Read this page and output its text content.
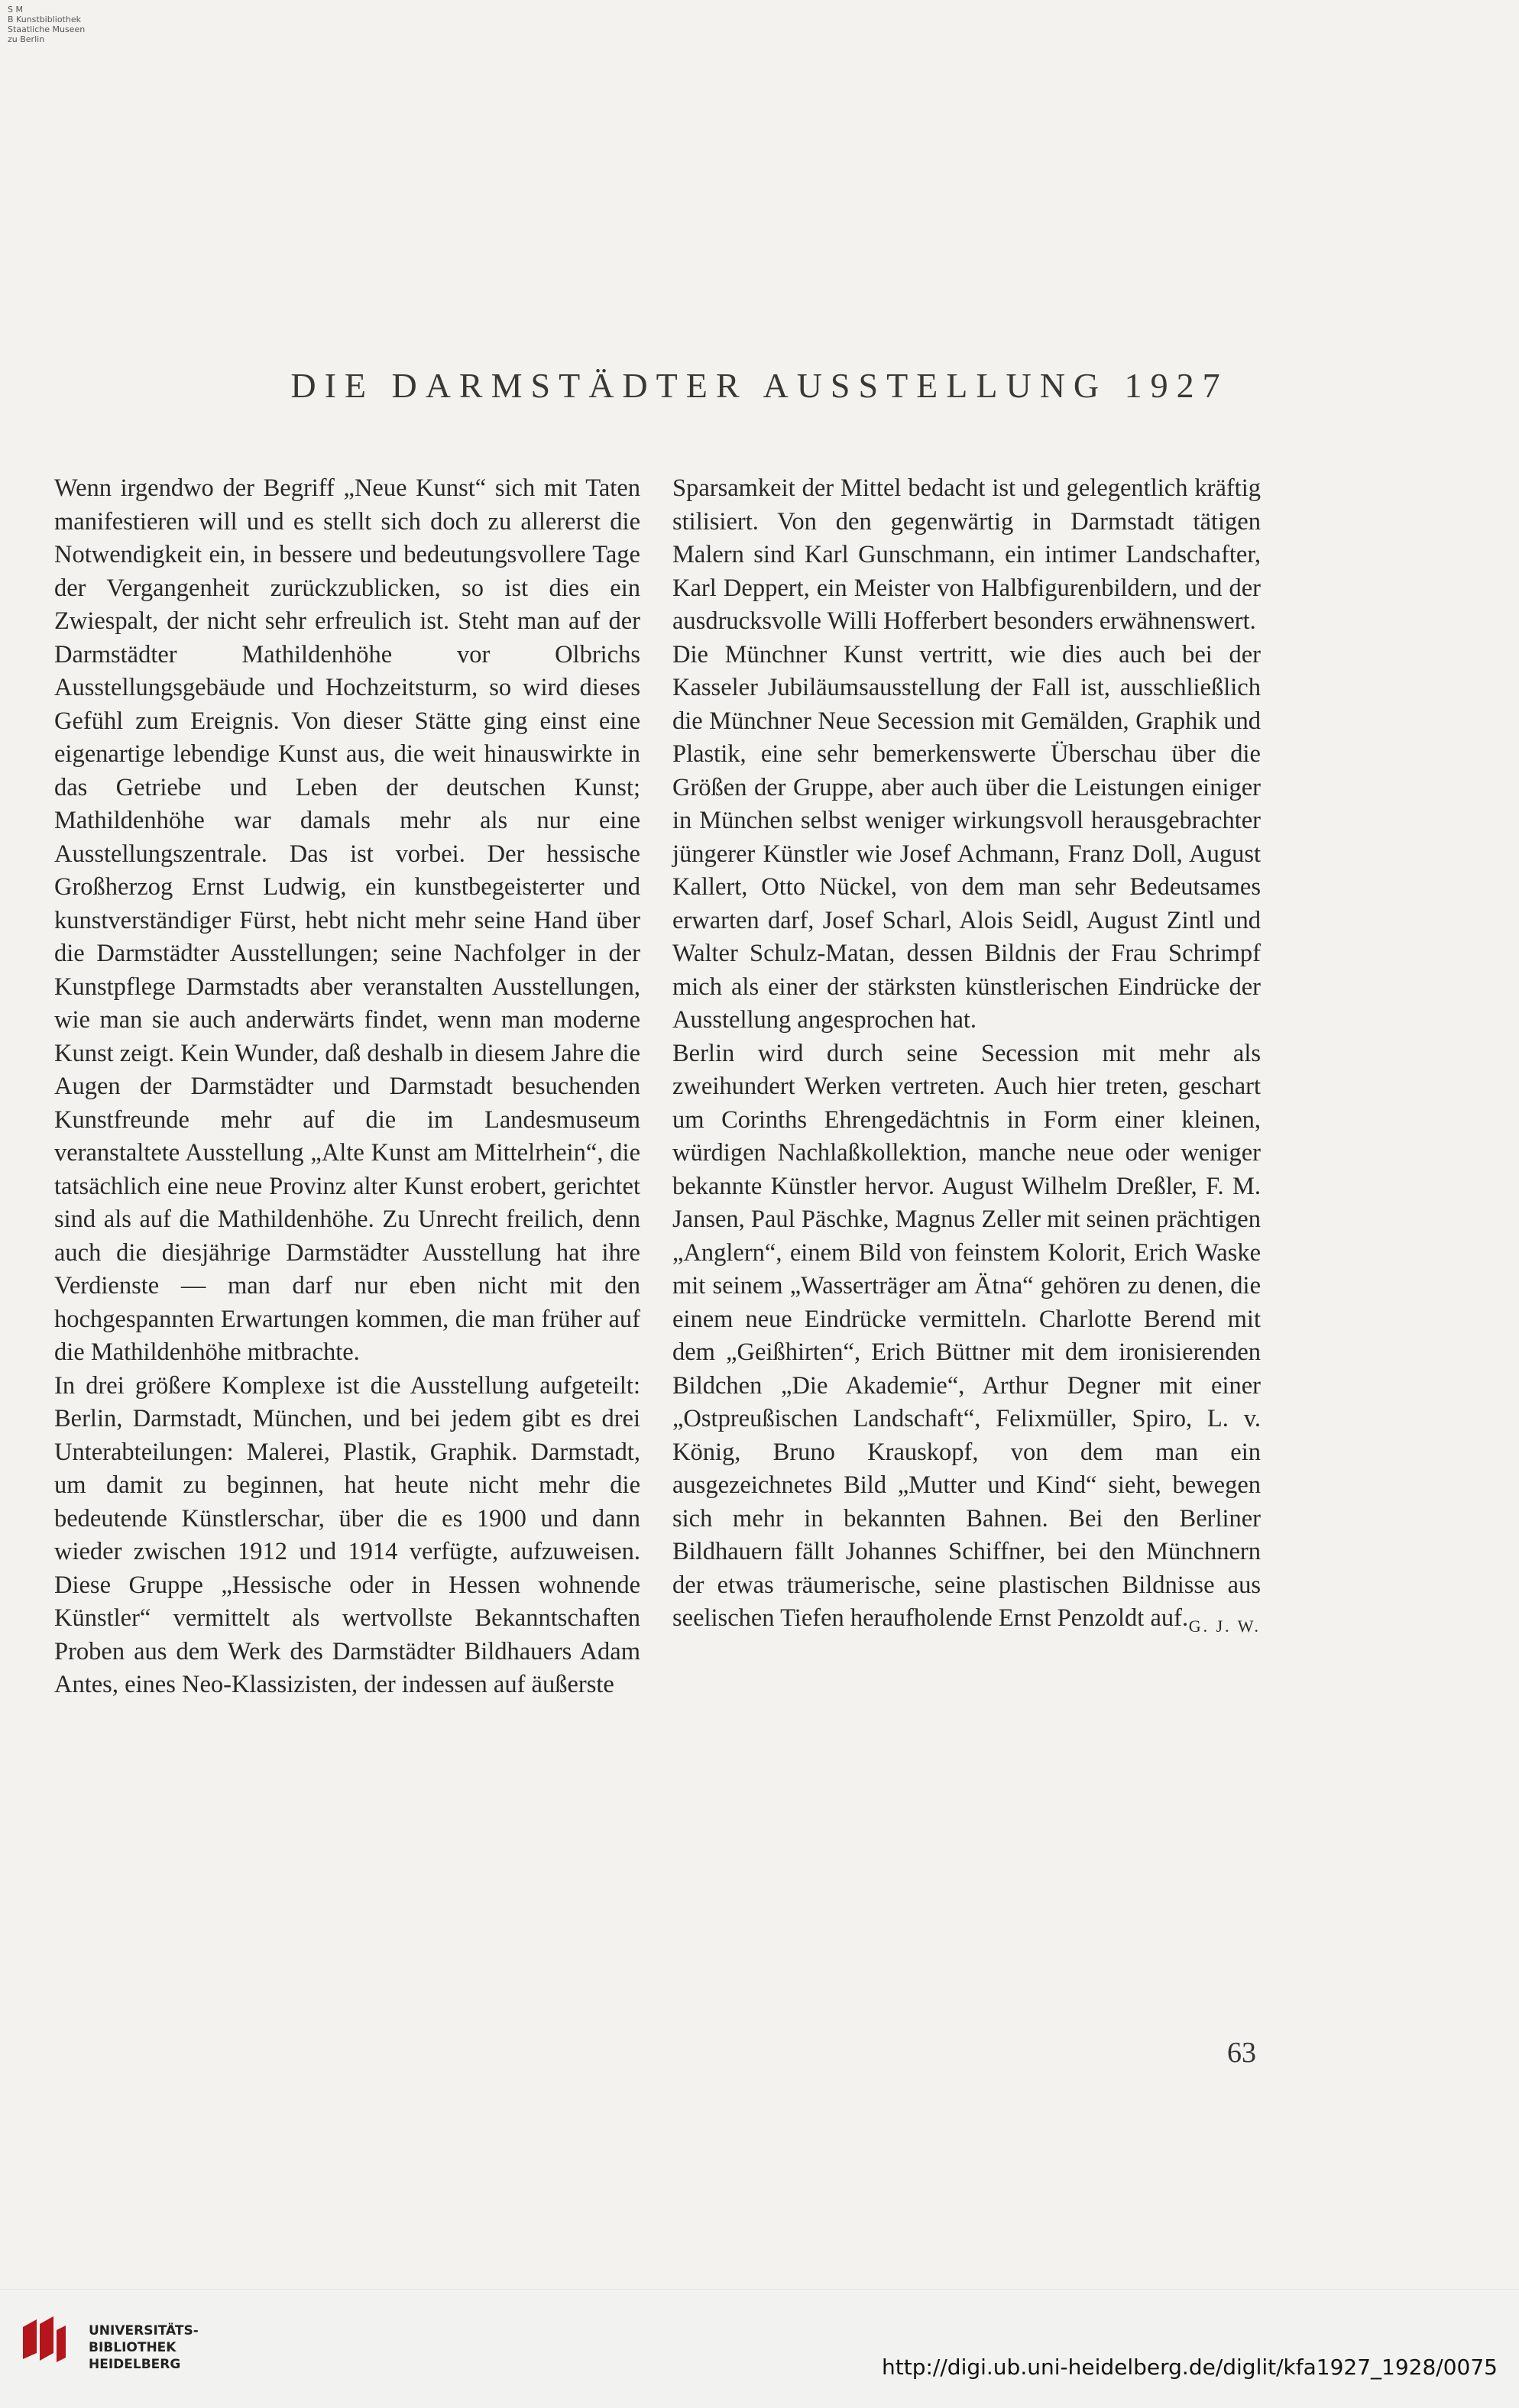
S M
B Kunstbibliothek
Staatliche Museen
zu Berlin
DIE DARMSTÄDTER AUSSTELLUNG 1927

Wenn irgendwo der Begriff „Neue Kunst“ sich mit Taten manifestieren will und es stellt sich doch zu allererst die Notwendigkeit ein, in bessere und bedeutungsvollere Tage der Vergangenheit zurückzublicken, so ist dies ein Zwiespalt, der nicht sehr erfreulich ist. Steht man auf der Darmstädter Mathildenhöhe vor Olbrichs Ausstellungsgebäude und Hochzeitsturm, so wird dieses Gefühl zum Ereignis. Von dieser Stätte ging einst eine eigenartige lebendige Kunst aus, die weit hinauswirkte in das Getriebe und Leben der deutschen Kunst; Mathildenhöhe war damals mehr als nur eine Ausstellungszentrale. Das ist vorbei. Der hessische Großherzog Ernst Ludwig, ein kunstbegeisterter und kunstverständiger Fürst, hebt nicht mehr seine Hand über die Darmstädter Ausstellungen; seine Nachfolger in der Kunstpflege Darmstadts aber veranstalten Ausstellungen, wie man sie auch anderwärts findet, wenn man moderne Kunst zeigt. Kein Wunder, daß deshalb in diesem Jahre die Augen der Darmstädter und Darmstadt besuchenden Kunstfreunde mehr auf die im Landesmuseum veranstaltete Ausstellung „Alte Kunst am Mittelrhein“, die tatsächlich eine neue Provinz alter Kunst erobert, gerichtet sind als auf die Mathildenhöhe. Zu Unrecht freilich, denn auch die diesjährige Darmstädter Ausstellung hat ihre Verdienste — man darf nur eben nicht mit den hochgespannten Erwartungen kommen, die man früher auf die Mathildenhöhe mitbrachte.

In drei größere Komplexe ist die Ausstellung aufgeteilt: Berlin, Darmstadt, München, und bei jedem gibt es drei Unterabteilungen: Malerei, Plastik, Graphik. Darmstadt, um damit zu beginnen, hat heute nicht mehr die bedeutende Künstlerschar, über die es 1900 und dann wieder zwischen 1912 und 1914 verfügte, aufzuweisen. Diese Gruppe „Hessische oder in Hessen wohnende Künstler“ vermittelt als wertvollste Bekanntschaften Proben aus dem Werk des Darmstädter Bildhauers Adam Antes, eines Neo-Klassizisten, der indessen auf äußerste

Sparsamkeit der Mittel bedacht ist und gelegentlich kräftig stilisiert. Von den gegenwärtig in Darmstadt tätigen Malern sind Karl Gunschmann, ein intimer Landschafter, Karl Deppert, ein Meister von Halbfigurenbildern, und der ausdrucksvolle Willi Hofferbert besonders erwähnenswert.

Die Münchner Kunst vertritt, wie dies auch bei der Kasseler Jubiläumsausstellung der Fall ist, ausschließlich die Münchner Neue Secession mit Gemälden, Graphik und Plastik, eine sehr bemerkenswerte Überschau über die Größen der Gruppe, aber auch über die Leistungen einiger in München selbst weniger wirkungsvoll herausgebrachter jüngerer Künstler wie Josef Achmann, Franz Doll, August Kallert, Otto Nückel, von dem man sehr Bedeutsames erwarten darf, Josef Scharl, Alois Seidl, August Zintl und Walter Schulz-Matan, dessen Bildnis der Frau Schrimpf mich als einer der stärksten künstlerischen Eindrücke der Ausstellung angesprochen hat.

Berlin wird durch seine Secession mit mehr als zweihundert Werken vertreten. Auch hier treten, geschart um Corinths Ehrengedächtnis in Form einer kleinen, würdigen Nachlaßkollektion, manche neue oder weniger bekannte Künstler hervor. August Wilhelm Dreßler, F. M. Jansen, Paul Päschke, Magnus Zeller mit seinen prächtigen „Anglern“, einem Bild von feinstem Kolorit, Erich Waske mit seinem „Wasserträger am Ätna“ gehören zu denen, die einem neue Eindrücke vermitteln. Charlotte Berend mit dem „Geißhirten“, Erich Büttner mit dem ironisierenden Bildchen „Die Akademie“, Arthur Degner mit einer „Ostpreußischen Landschaft“, Felixmüller, Spiro, L. v. König, Bruno Krauskopf, von dem man ein ausgezeichnetes Bild „Mutter und Kind“ sieht, bewegen sich mehr in bekannten Bahnen. Bei den Berliner Bildhauern fällt Johannes Schiffner, bei den Münchnern der etwas träumerische, seine plastischen Bildnisse aus seelischen Tiefen heraufholende Ernst Penzoldt auf. G. J. W.

63
UNIVERSITÄTS-
BIBLIOTHEK
HEIDELBERG	http://digi.ub.uni-heidelberg.de/diglit/kfa1927_1928/0075
